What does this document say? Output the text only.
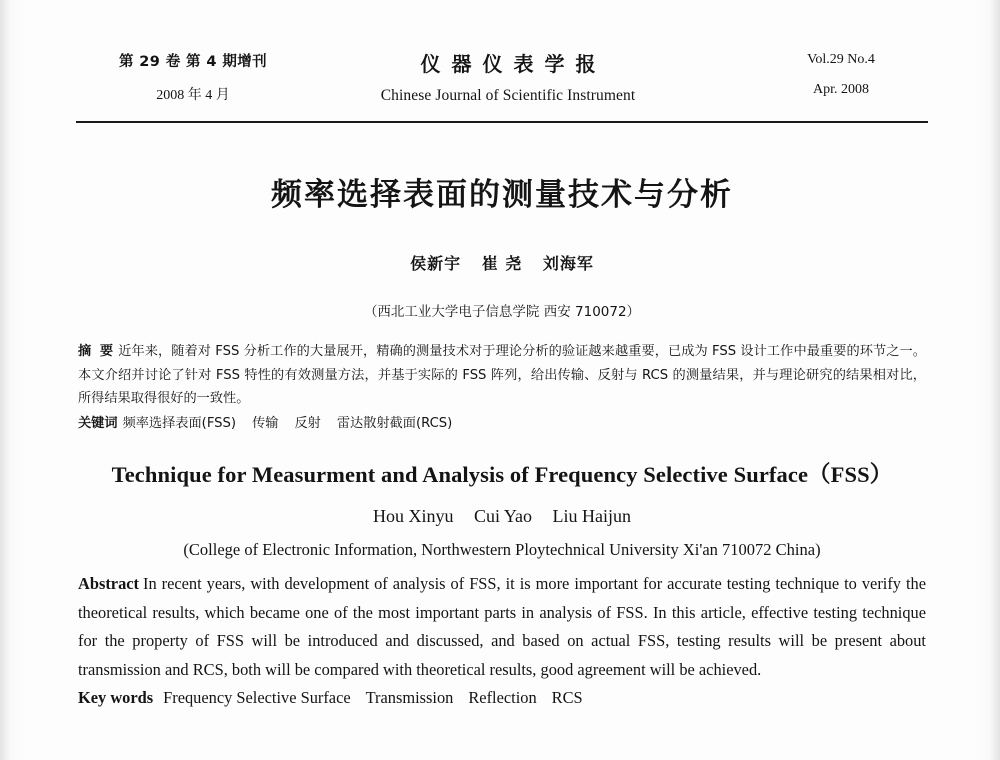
第 29 卷 第 4 期增刊
2008 年 4 月
仪器仪表学报
Chinese Journal of Scientific Instrument
Vol.29 No.4
Apr. 2008
频率选择表面的测量技术与分析
侯新宇 崔 尧 刘海军
（西北工业大学电子信息学院 西安 710072）
摘 要 近年来，随着对 FSS 分析工作的大量展开，精确的测量技术对于理论分析的验证越来越重要，已成为 FSS 设计工作中最重要的环节之一。本文介绍并讨论了针对 FSS 特性的有效测量方法，并基于实际的 FSS 阵列，给出传输、反射与 RCS 的测量结果，并与理论研究的结果相对比，所得结果取得很好的一致性。
关键词 频率选择表面(FSS) 传输 反射 雷达散射截面(RCS)
Technique for Measurment and Analysis of Frequency Selective Surface（FSS）
Hou Xinyu Cui Yao Liu Haijun
(College of Electronic Information, Northwestern Ploytechnical University Xi'an 710072 China)
Abstract In recent years, with development of analysis of FSS, it is more important for accurate testing technique to verify the theoretical results, which became one of the most important parts in analysis of FSS. In this article, effective testing technique for the property of FSS will be introduced and discussed, and based on actual FSS, testing results will be present about transmission and RCS, both will be compared with theoretical results, good agreement will be achieved.
Key words Frequency Selective Surface Transmission Reflection RCS
